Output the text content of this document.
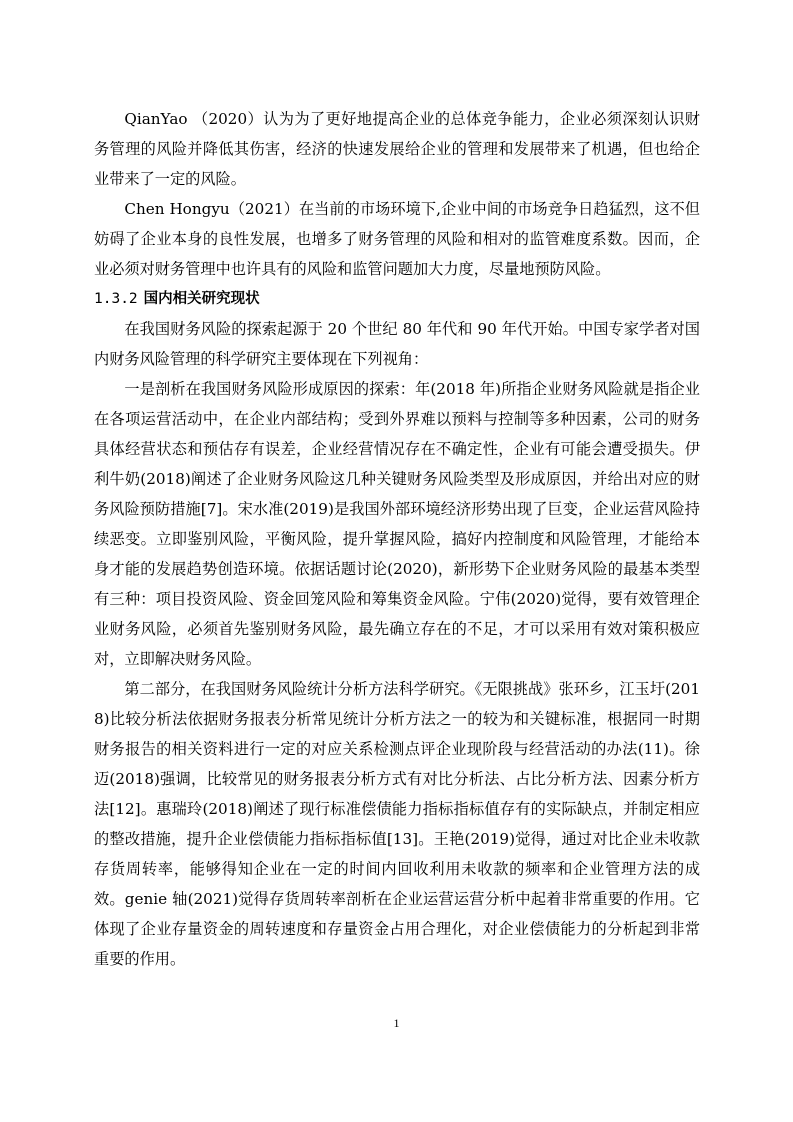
QianYao （2020）认为为了更好地提高企业的总体竞争能力，企业必须深刻认识财务管理的风险并降低其伤害，经济的快速发展给企业的管理和发展带来了机遇，但也给企业带来了一定的风险。

Chen Hongyu（2021）在当前的市场环境下,企业中间的市场竞争日趋猛烈，这不但妨碍了企业本身的良性发展，也增多了财务管理的风险和相对的监管难度系数。因而，企业必须对财务管理中也许具有的风险和监管问题加大力度，尽量地预防风险。

1.3.2 国内相关研究现状

在我国财务风险的探索起源于 20 个世纪 80 年代和 90 年代开始。中国专家学者对国内财务风险管理的科学研究主要体现在下列视角：

一是剖析在我国财务风险形成原因的探索：年(2018 年)所指企业财务风险就是指企业在各项运营活动中，在企业内部结构；受到外界难以预料与控制等多种因素，公司的财务具体经营状态和预估存有误差，企业经营情况存在不确定性，企业有可能会遭受损失。伊利牛奶(2018)阐述了企业财务风险这几种关键财务风险类型及形成原因，并给出对应的财务风险预防措施[7]。宋水准(2019)是我国外部环境经济形势出现了巨变，企业运营风险持续恶变。立即鉴别风险，平衡风险，提升掌握风险，搞好内控制度和风险管理，才能给本身才能的发展趋势创造环境。依据话题讨论(2020)，新形势下企业财务风险的最基本类型有三种：项目投资风险、资金回笼风险和筹集资金风险。宁伟(2020)觉得，要有效管理企业财务风险，必须首先鉴别财务风险，最先确立存在的不足，才可以采用有效对策积极应对，立即解决财务风险。

第二部分，在我国财务风险统计分析方法科学研究。《无限挑战》张环乡，江玉圩(2018)比较分析法依据财务报表分析常见统计分析方法之一的较为和关键标准，根据同一时期财务报告的相关资料进行一定的对应关系检测点评企业现阶段与经营活动的办法(11)。徐迈(2018)强调，比较常见的财务报表分析方式有对比分析法、占比分析方法、因素分析方法[12]。惠瑞玲(2018)阐述了现行标准偿债能力指标指标值存有的实际缺点，并制定相应的整改措施，提升企业偿债能力指标指标值[13]。王艳(2019)觉得，通过对比企业未收款存货周转率，能够得知企业在一定的时间内回收利用未收款的频率和企业管理方法的成效。genie 轴(2021)觉得存货周转率剖析在企业运营运营分析中起着非常重要的作用。它体现了企业存量资金的周转速度和存量资金占用合理化，对企业偿债能力的分析起到非常重要的作用。

1
